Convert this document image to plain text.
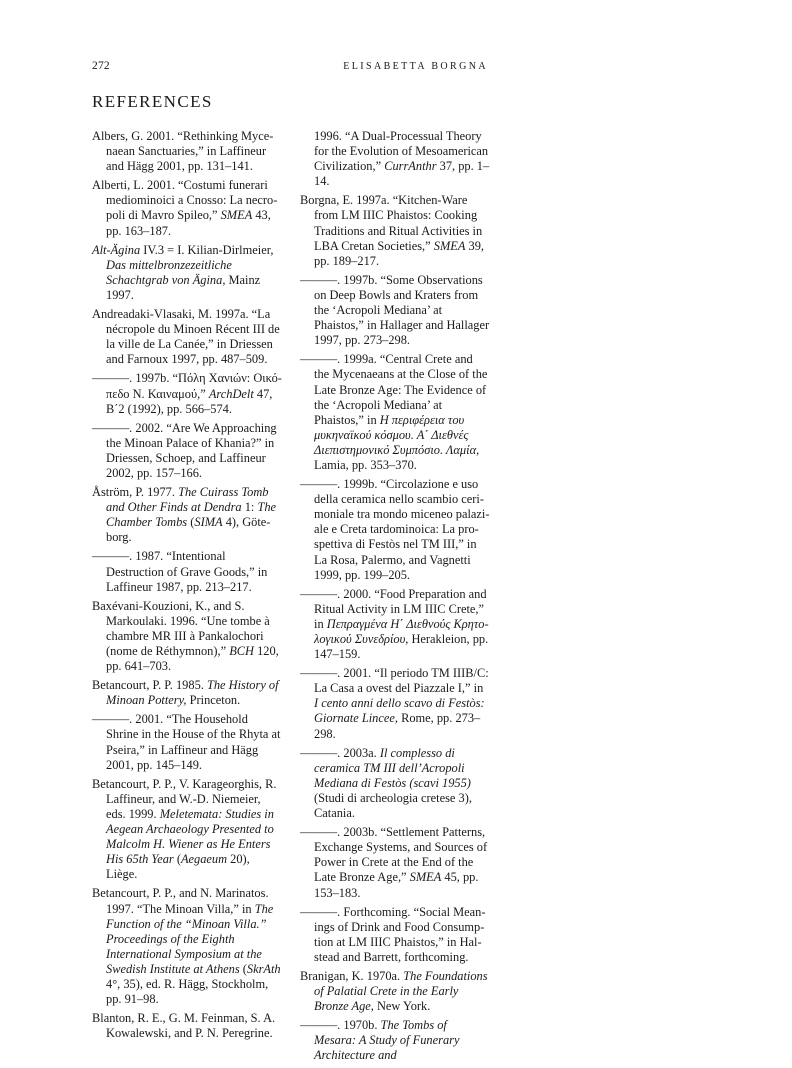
272	ELISABETTA BORGNA
REFERENCES

Albers, G. 2001. “Rethinking Mycenaean Sanctuaries,” in Laffineur and Hägg 2001, pp. 131–141.

Alberti, L. 2001. “Costumi funerari mediominoici a Cnosso: La necropoli di Mavro Spileo,” SMEA 43, pp. 163–187.

Alt-Ägina IV.3 = I. Kilian-Dirlmeier, Das mittelbronzezeitliche Schachtgrab von Ägina, Mainz 1997.

Andreadaki-Vlasaki, M. 1997a. “La nécropole du Minoen Récent III de la ville de La Canée,” in Driessen and Farnoux 1997, pp. 487–509.

———. 1997b. “Πόλη Χανιών: Οικόπεδο Ν. Καιναμού,” ArchDelt 47, B΄2 (1992), pp. 566–574.

———. 2002. “Are We Approaching the Minoan Palace of Khania?” in Driessen, Schoep, and Laffineur 2002, pp. 157–166.

Åström, P. 1977. The Cuirass Tomb and Other Finds at Dendra 1: The Chamber Tombs (SIMA 4), Göteborg.

———. 1987. “Intentional Destruction of Grave Goods,” in Laffineur 1987, pp. 213–217.

Baxévani-Kouzioni, K., and S. Markoulaki. 1996. “Une tombe à chambre MR III à Pankalochori (nome de Réthymnon),” BCH 120, pp. 641–703.

Betancourt, P. P. 1985. The History of Minoan Pottery, Princeton.

———. 2001. “The Household Shrine in the House of the Rhyta at Pseira,” in Laffineur and Hägg 2001, pp. 145–149.

Betancourt, P. P., V. Karageorghis, R. Laffineur, and W.-D. Niemeier, eds. 1999. Meletemata: Studies in Aegean Archaeology Presented to Malcolm H. Wiener as He Enters His 65th Year (Aegaeum 20), Liège.

Betancourt, P. P., and N. Marinatos. 1997. “The Minoan Villa,” in The Function of the “Minoan Villa.” Proceedings of the Eighth International Symposium at the Swedish Institute at Athens (SkrAth 4°, 35), ed. R. Hägg, Stockholm, pp. 91–98.

Blanton, R. E., G. M. Feinman, S. A. Kowalewski, and P. N. Peregrine.

1996. “A Dual-Processual Theory for the Evolution of Mesoamerican Civilization,” CurrAnthr 37, pp. 1–14.

Borgna, E. 1997a. “Kitchen-Ware from LM IIIC Phaistos: Cooking Traditions and Ritual Activities in LBA Cretan Societies,” SMEA 39, pp. 189–217.

———. 1997b. “Some Observations on Deep Bowls and Kraters from the ‘Acropoli Mediana’ at Phaistos,” in Hallager and Hallager 1997, pp. 273–298.

———. 1999a. “Central Crete and the Mycenaeans at the Close of the Late Bronze Age: The Evidence of the ‘Acropoli Mediana’ at Phaistos,” in Η περιφέρεια του μυκηναϊκού κόσμου. Α΄ Διεθνές Διεπιστημονικό Συμπόσιο. Λαμία, Lamia, pp. 353–370.

———. 1999b. “Circolazione e uso della ceramica nello scambio cerimoniale tra mondo miceneo palaziale e Creta tardominoica: La prospettiva di Festòs nel TM III,” in La Rosa, Palermo, and Vagnetti 1999, pp. 199–205.

———. 2000. “Food Preparation and Ritual Activity in LM IIIC Crete,” in Πεπραγμένα Η΄ Διεθνούς Κρητολογικού Συνεδρίου, Herakleion, pp. 147–159.

———. 2001. “Il periodo TM IIIB/C: La Casa a ovest del Piazzale I,” in I cento anni dello scavo di Festòs: Giornate Lincee, Rome, pp. 273–298.

———. 2003a. Il complesso di ceramica TM III dell’Acropoli Mediana di Festòs (scavi 1955) (Studi di archeologia cretese 3), Catania.

———. 2003b. “Settlement Patterns, Exchange Systems, and Sources of Power in Crete at the End of the Late Bronze Age,” SMEA 45, pp. 153–183.

———. Forthcoming. “Social Meanings of Drink and Food Consumption at LM IIIC Phaistos,” in Halstead and Barrett, forthcoming.

Branigan, K. 1970a. The Foundations of Palatial Crete in the Early Bronze Age, New York.

———. 1970b. The Tombs of Mesara: A Study of Funerary Architecture and
